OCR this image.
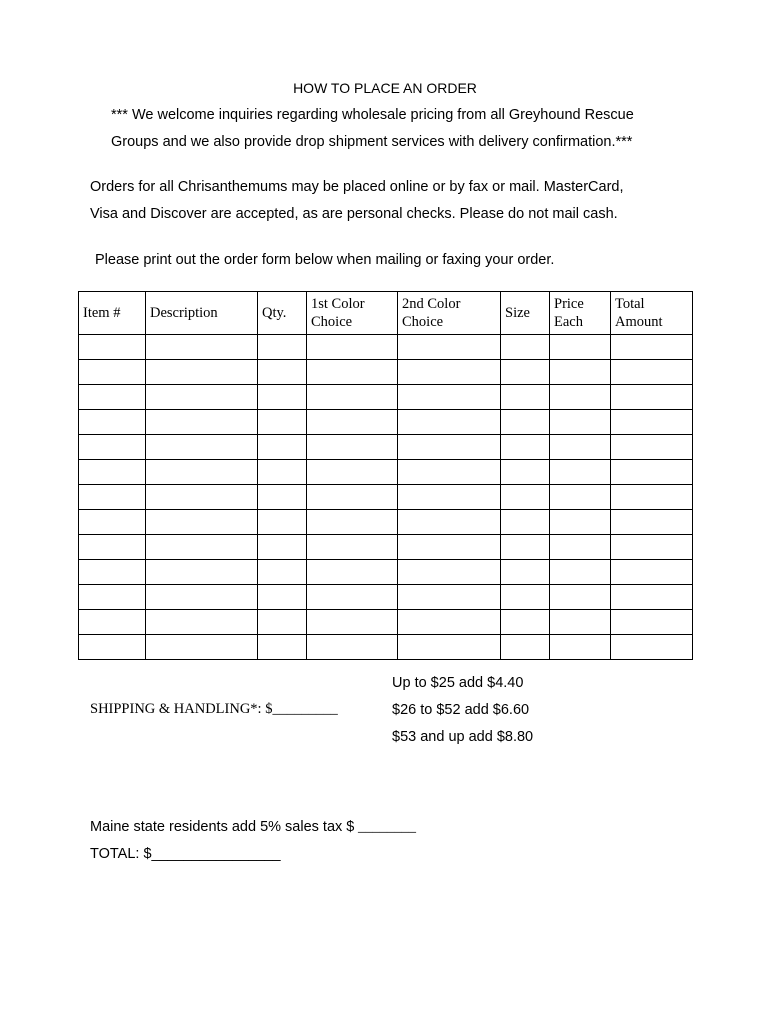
HOW TO PLACE AN ORDER
*** We welcome inquiries regarding wholesale pricing from all Greyhound Rescue
Groups and we also provide drop shipment services with delivery confirmation.***
Orders for all Chrisanthemums may be placed online or by fax or mail. MasterCard,
Visa and Discover are accepted, as are personal checks. Please do not mail cash.
Please print out the order form below when mailing or faxing your order.
Item #	Description	Qty.	1st Color
Choice	2nd Color
Choice	Size	Price
Each	Total
Amount

SHIPPING & HANDLING*: $_________
Up to $25 add $4.40
$26 to $52 add $6.60
$53 and up add $8.80
Maine state residents add 5% sales tax $ ________
TOTAL: $________________
